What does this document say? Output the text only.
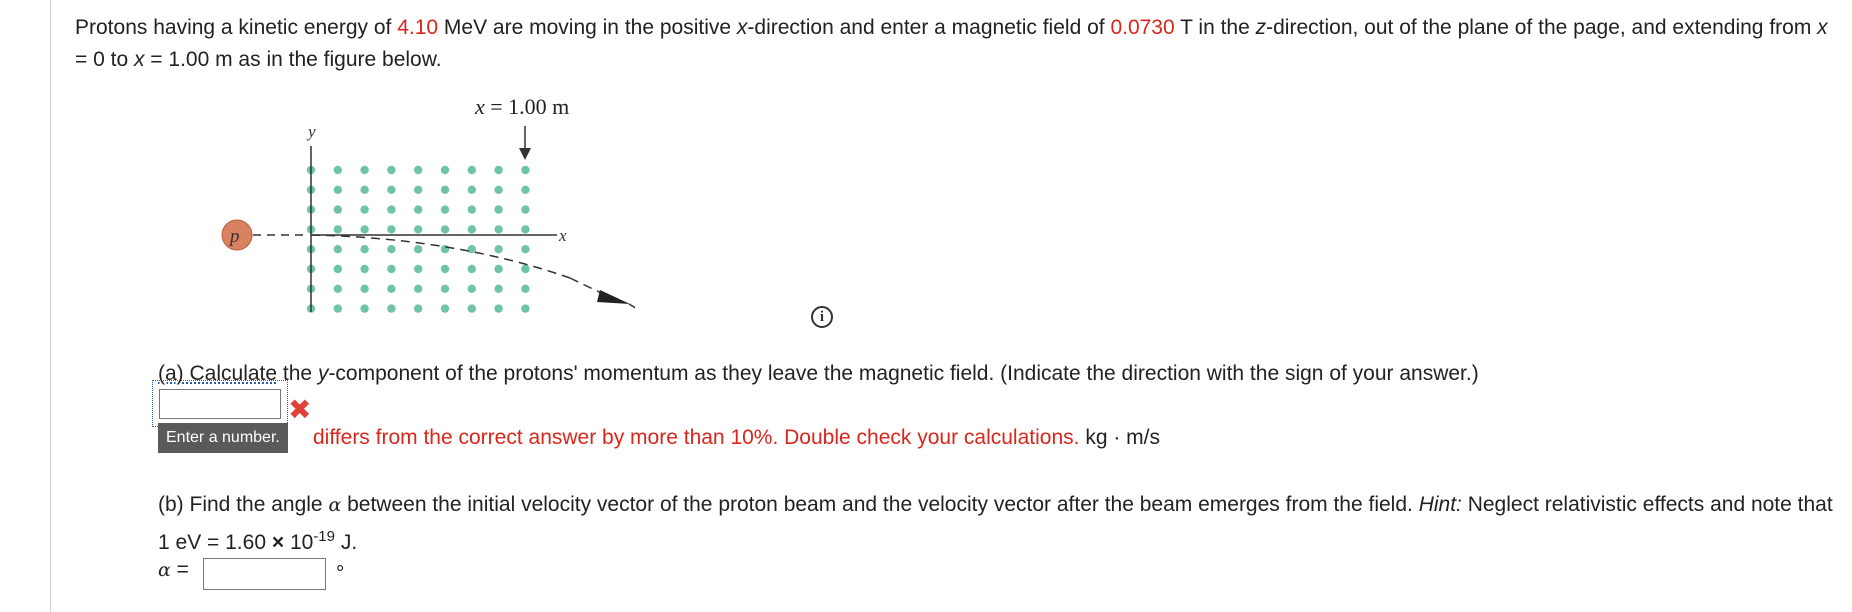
Protons having a kinetic energy of 4.10 MeV are moving in the positive x-direction and enter a magnetic field of 0.0730 T in the z-direction, out of the plane of the page, and extending from x = 0 to x = 1.00 m as in the figure below.
x = 1.00 m
y
x
p
i
(a) Calculate the y-component of the protons' momentum as they leave the magnetic field. (Indicate the direction with the sign of your answer.)
✖
Enter a number.	differs from the correct answer by more than 10%. Double check your calculations. kg · m/s
(b) Find the angle α between the initial velocity vector of the proton beam and the velocity vector after the beam emerges from the field. Hint: Neglect relativistic effects and note that 1 eV = $1.60 \times 10^{-19}$ J.
α =	°
